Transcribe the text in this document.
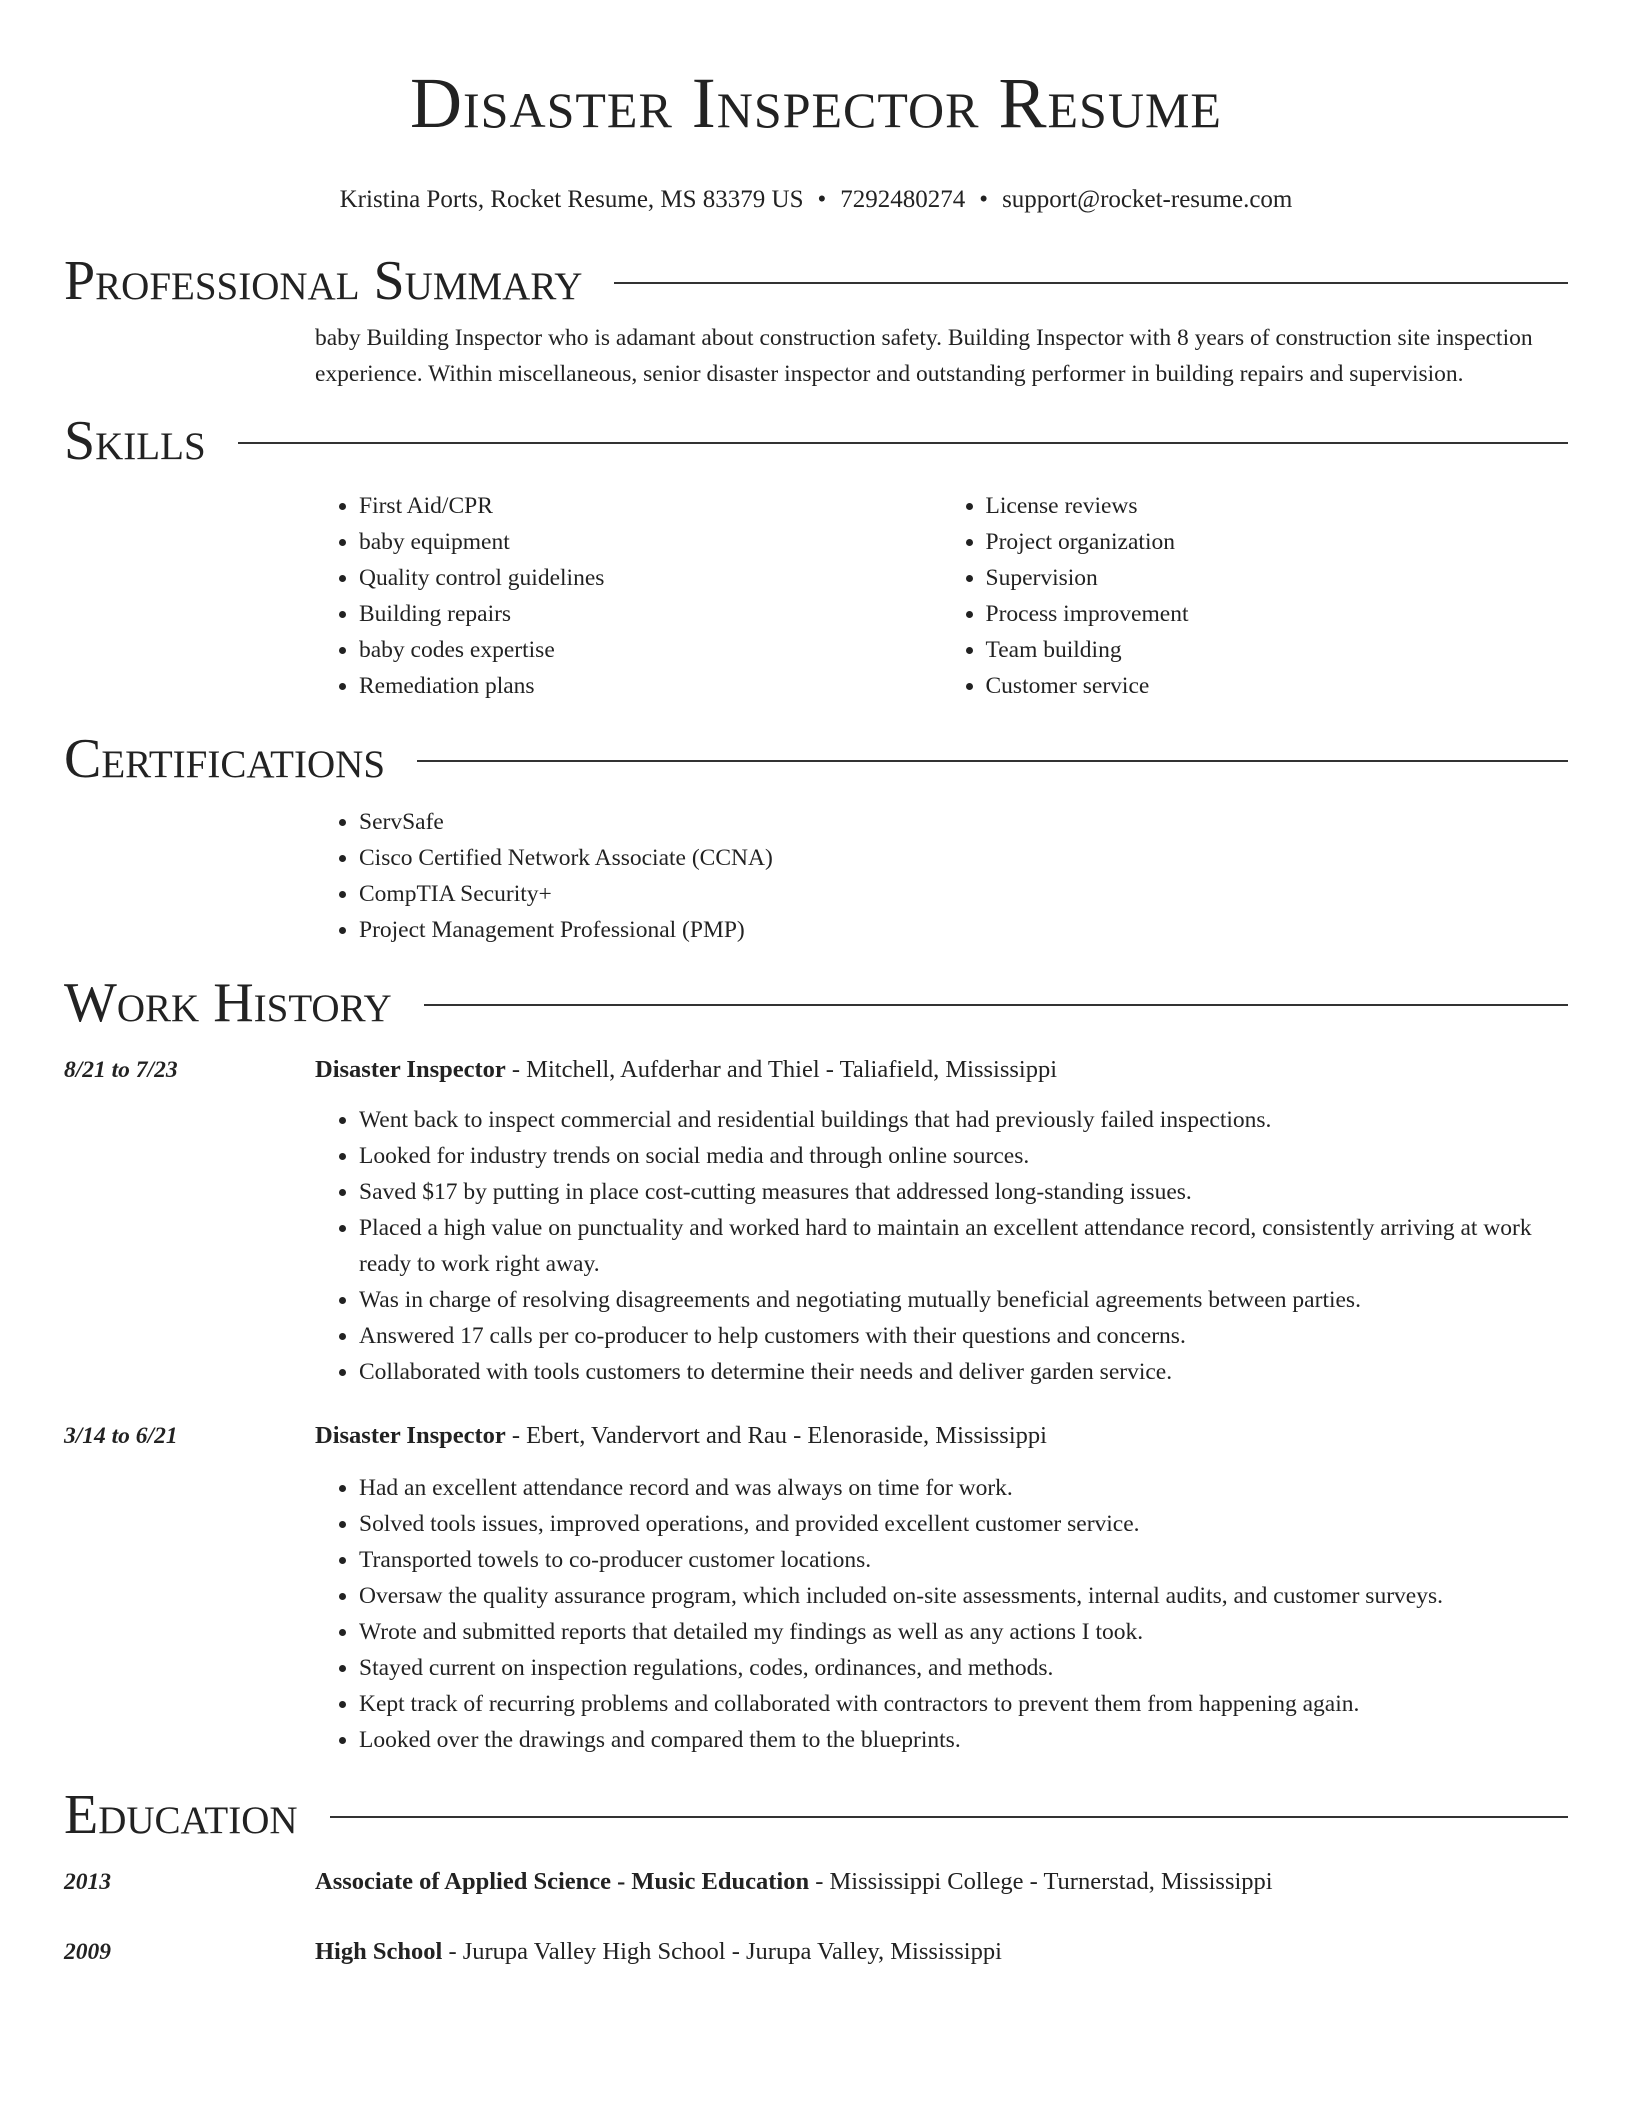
Disaster Inspector Resume
Kristina Ports, Rocket Resume, MS 83379 US • 7292480274 • support@rocket-resume.com
Professional Summary
baby Building Inspector who is adamant about construction safety. Building Inspector with 8 years of construction site inspection experience. Within miscellaneous, senior disaster inspector and outstanding performer in building repairs and supervision.
Skills
• First Aid/CPR
• baby equipment
• Quality control guidelines
• Building repairs
• baby codes expertise
• Remediation plans
• License reviews
• Project organization
• Supervision
• Process improvement
• Team building
• Customer service
Certifications
• ServSafe
• Cisco Certified Network Associate (CCNA)
• CompTIA Security+
• Project Management Professional (PMP)
Work History
8/21 to 7/23	Disaster Inspector - Mitchell, Aufderhar and Thiel - Taliafield, Mississippi
• Went back to inspect commercial and residential buildings that had previously failed inspections.
• Looked for industry trends on social media and through online sources.
• Saved $17 by putting in place cost-cutting measures that addressed long-standing issues.
• Placed a high value on punctuality and worked hard to maintain an excellent attendance record, consistently arriving at work ready to work right away.
• Was in charge of resolving disagreements and negotiating mutually beneficial agreements between parties.
• Answered 17 calls per co-producer to help customers with their questions and concerns.
• Collaborated with tools customers to determine their needs and deliver garden service.
3/14 to 6/21	Disaster Inspector - Ebert, Vandervort and Rau - Elenoraside, Mississippi
• Had an excellent attendance record and was always on time for work.
• Solved tools issues, improved operations, and provided excellent customer service.
• Transported towels to co-producer customer locations.
• Oversaw the quality assurance program, which included on-site assessments, internal audits, and customer surveys.
• Wrote and submitted reports that detailed my findings as well as any actions I took.
• Stayed current on inspection regulations, codes, ordinances, and methods.
• Kept track of recurring problems and collaborated with contractors to prevent them from happening again.
• Looked over the drawings and compared them to the blueprints.
Education
2013	Associate of Applied Science - Music Education - Mississippi College - Turnerstad, Mississippi
2009	High School - Jurupa Valley High School - Jurupa Valley, Mississippi
